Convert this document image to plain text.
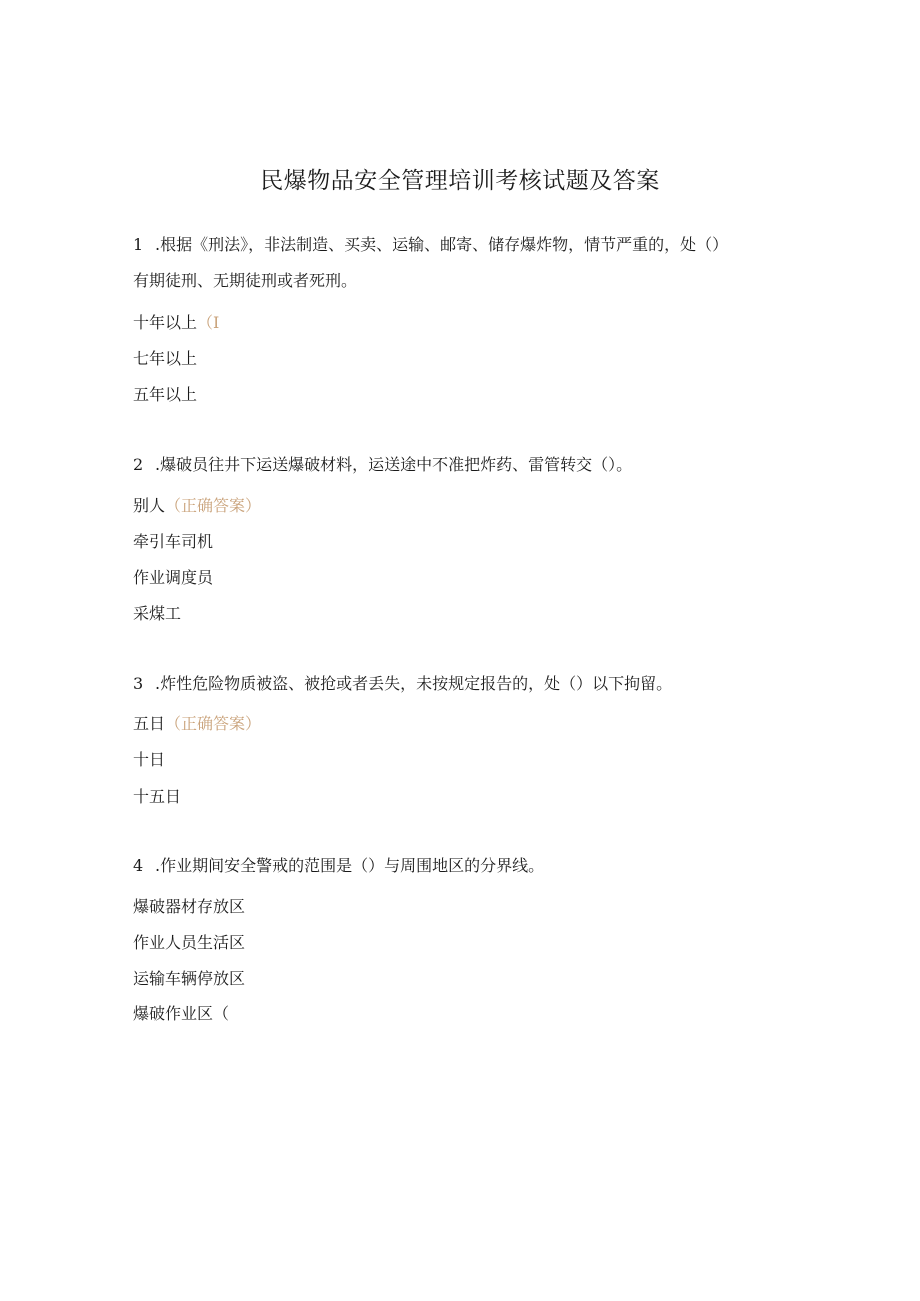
民爆物品安全管理培训考核试题及答案
1 .根据《刑法》，非法制造、买卖、运输、邮寄、储存爆炸物，情节严重的，处（）
有期徒刑、无期徒刑或者死刑。
十年以上（I
七年以上
五年以上
2 .爆破员往井下运送爆破材料，运送途中不准把炸药、雷管转交（）。
别人（正确答案）
牵引车司机
作业调度员
采煤工
3 .炸性危险物质被盗、被抢或者丢失，未按规定报告的，处（）以下拘留。
五日（正确答案）
十日
十五日
4 .作业期间安全警戒的范围是（）与周围地区的分界线。
爆破器材存放区
作业人员生活区
运输车辆停放区
爆破作业区（
